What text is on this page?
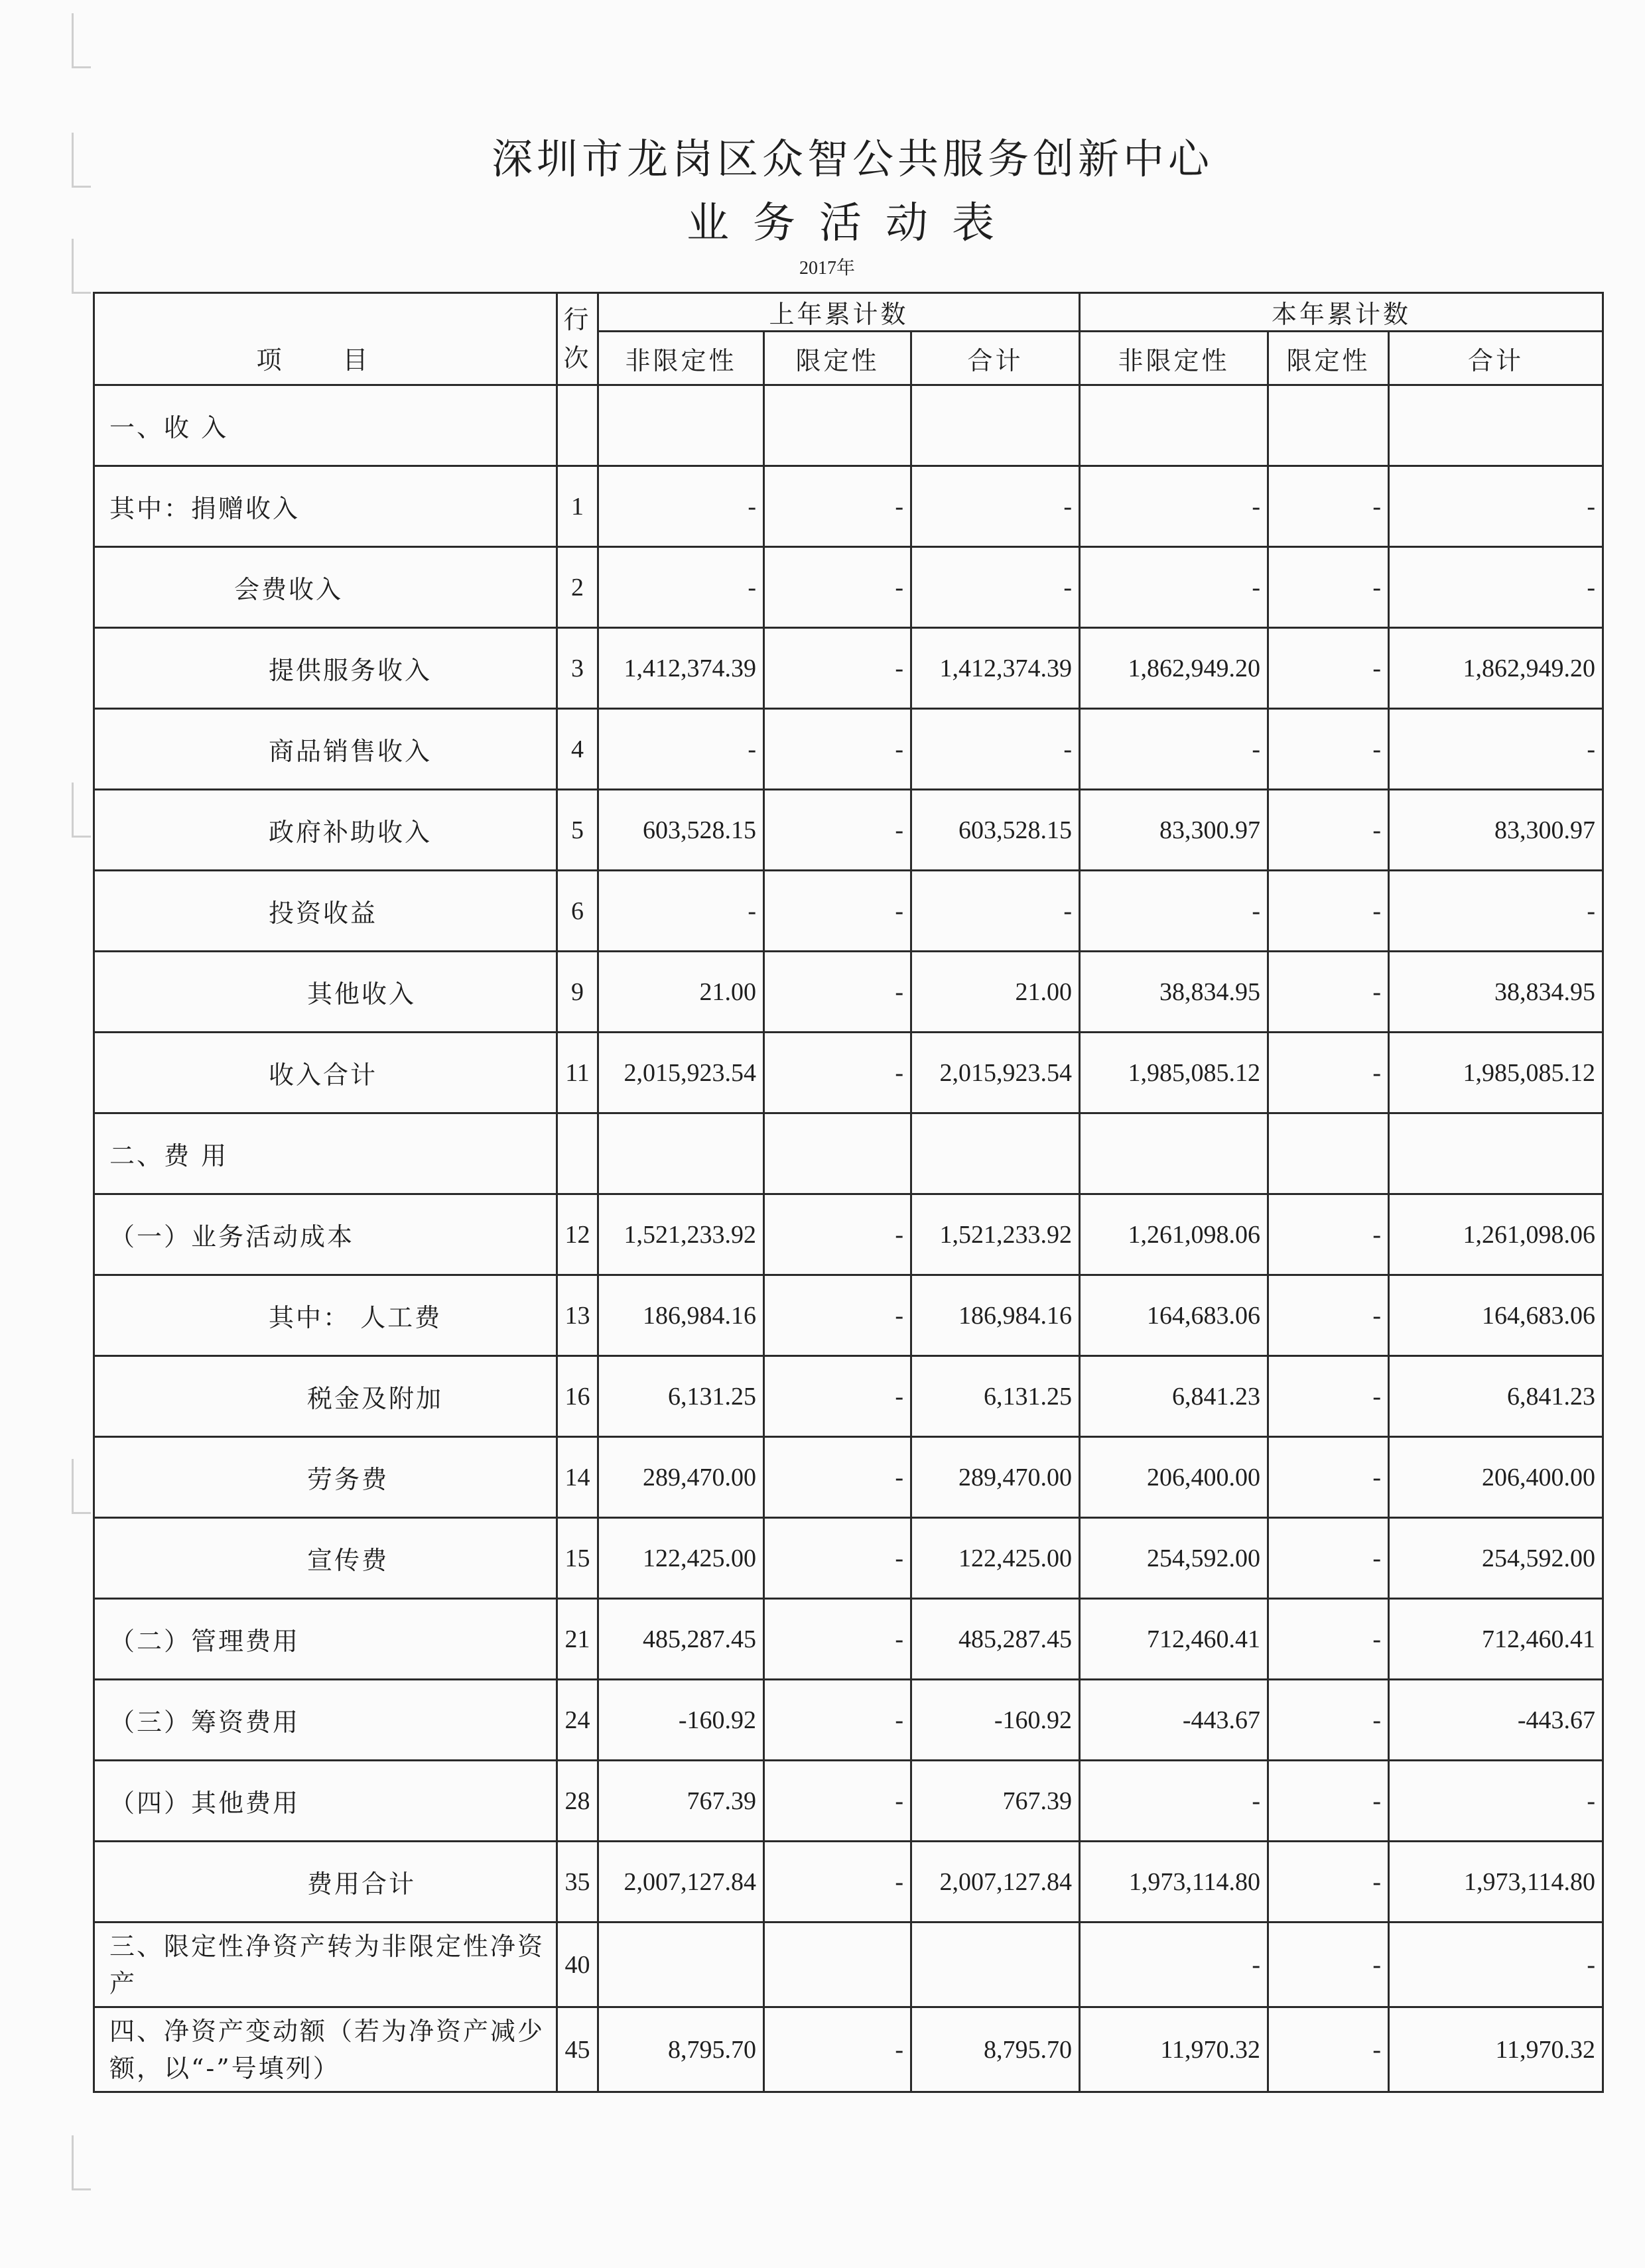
深圳市龙岗区众智公共服务创新中心
业务活动表
2017年
项 目	行次	上年累计数			本年累计数		
		非限定性	限定性	合计	非限定性	限定性	合计
一、收 入							
其中：捐赠收入	1	-	-	-	-	-	-
会费收入	2	-	-	-	-	-	-
提供服务收入	3	1,412,374.39	-	1,412,374.39	1,862,949.20	-	1,862,949.20
商品销售收入	4	-	-	-	-	-	-
政府补助收入	5	603,528.15	-	603,528.15	83,300.97	-	83,300.97
投资收益	6	-	-	-	-	-	-
其他收入	9	21.00	-	21.00	38,834.95	-	38,834.95
收入合计	11	2,015,923.54	-	2,015,923.54	1,985,085.12	-	1,985,085.12
二、费 用							
（一）业务活动成本	12	1,521,233.92	-	1,521,233.92	1,261,098.06	-	1,261,098.06
其中： 人工费	13	186,984.16	-	186,984.16	164,683.06	-	164,683.06
税金及附加	16	6,131.25	-	6,131.25	6,841.23	-	6,841.23
劳务费	14	289,470.00	-	289,470.00	206,400.00	-	206,400.00
宣传费	15	122,425.00	-	122,425.00	254,592.00	-	254,592.00
（二）管理费用	21	485,287.45	-	485,287.45	712,460.41	-	712,460.41
（三）筹资费用	24	-160.92	-	-160.92	-443.67	-	-443.67
（四）其他费用	28	767.39	-	767.39	-	-	-
费用合计	35	2,007,127.84	-	2,007,127.84	1,973,114.80	-	1,973,114.80
三、限定性净资产转为非限定性净资产	40				-	-	-
四、净资产变动额（若为净资产减少额，以“-”号填列）	45	8,795.70	-	8,795.70	11,970.32	-	11,970.32
